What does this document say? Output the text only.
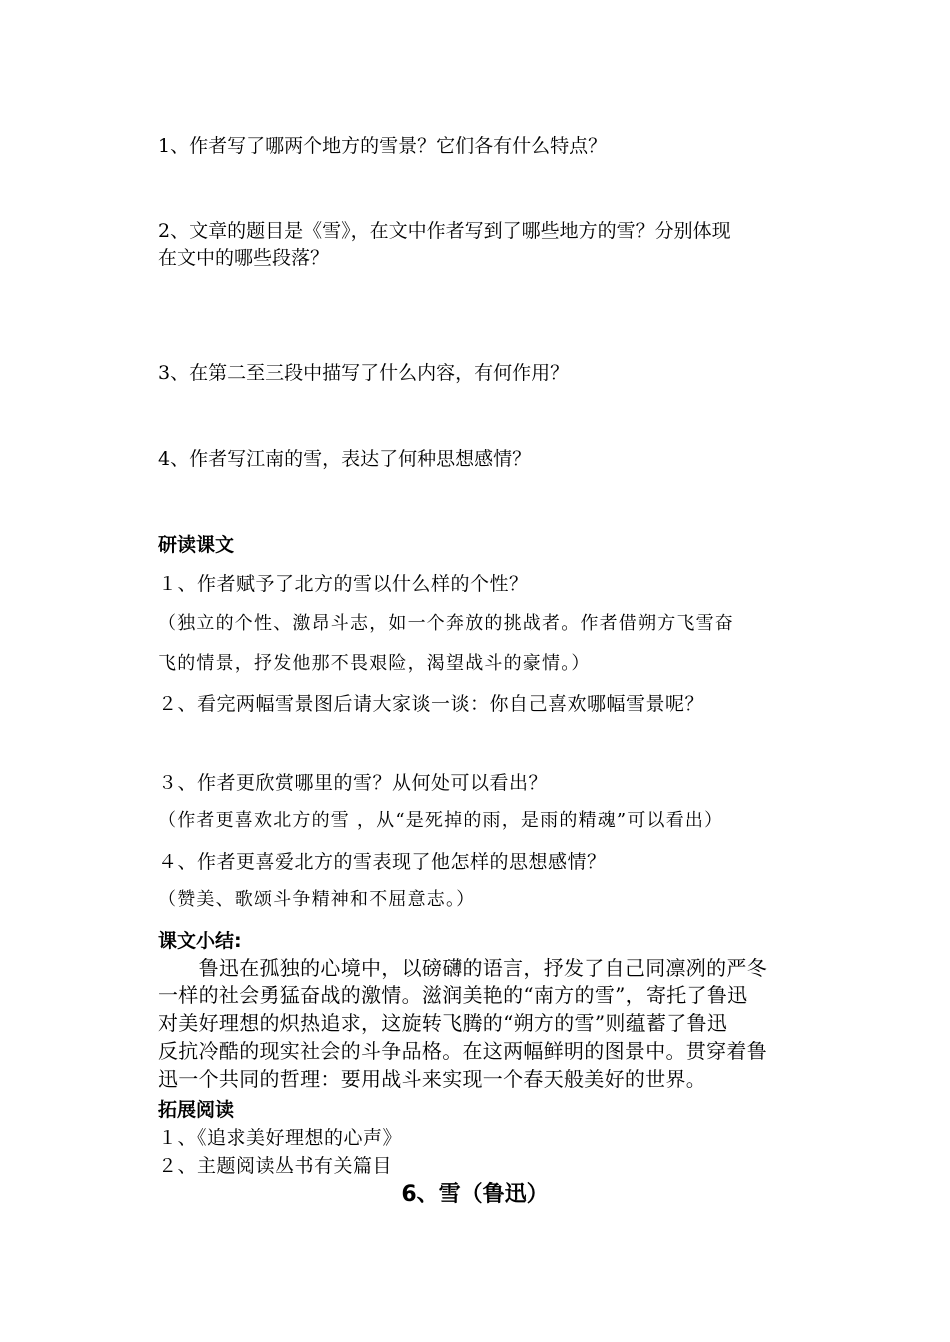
1、作者写了哪两个地方的雪景？它们各有什么特点？
2、文章的题目是《雪》，在文中作者写到了哪些地方的雪？分别体现
在文中的哪些段落？
3、在第二至三段中描写了什么内容，有何作用？
4、作者写江南的雪，表达了何种思想感情？
研读课文
１、作者赋予了北方的雪以什么样的个性？
（独立的个性、激昂斗志，如一个奔放的挑战者。作者借朔方飞雪奋
飞的情景，抒发他那不畏艰险，渴望战斗的豪情。）
２、看完两幅雪景图后请大家谈一谈：你自己喜欢哪幅雪景呢？
３、作者更欣赏哪里的雪？从何处可以看出？
（作者更喜欢北方的雪 ，从“是死掉的雨，是雨的精魂”可以看出）
４、作者更喜爱北方的雪表现了他怎样的思想感情？
（赞美、歌颂斗争精神和不屈意志。）
课文小结:
　　鲁迅在孤独的心境中，以磅礴的语言，抒发了自己同凛冽的严冬
一样的社会勇猛奋战的激情。滋润美艳的“南方的雪”，寄托了鲁迅
对美好理想的炽热追求，这旋转飞腾的“朔方的雪”则蕴蓄了鲁迅
反抗冷酷的现实社会的斗争品格。在这两幅鲜明的图景中。贯穿着鲁
迅一个共同的哲理：要用战斗来实现一个春天般美好的世界。
拓展阅读
１、《追求美好理想的心声》
２、主题阅读丛书有关篇目
6、雪（鲁迅）
